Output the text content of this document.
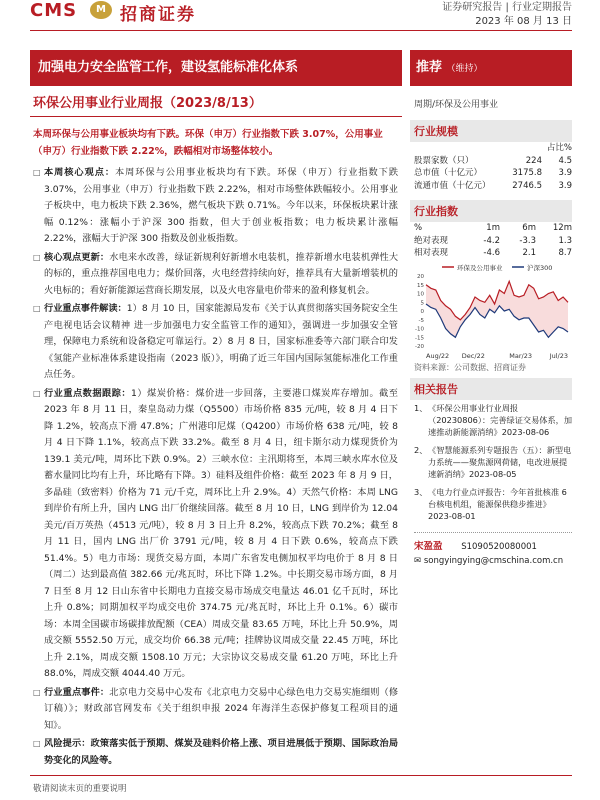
CMS	M 招商证券	证券研究报告 | 行业定期报告
2023 年 08 月 13 日
加强电力安全监管工作，建设氢能标准化体系	推荐 （维持）
环保公用事业行业周报（2023/8/13）	周期/环保及公用事业
本周环保与公用事业板块均有下跌。环保（申万）行业指数下跌 3.07%，公用事业（申万）行业指数下跌 2.22%，跌幅相对市场整体较小。

□ 本周核心观点：本周环保与公用事业板块均有下跌。环保（申万）行业指数下跌 3.07%，公用事业（申万）行业指数下跌 2.22%，相对市场整体跌幅较小。公用事业子板块中，电力板块下跌 2.36%，燃气板块下跌 0.71%。今年以来，环保板块累计涨幅 0.12%：涨幅小于沪深 300 指数，但大于创业板指数；电力板块累计涨幅 2.22%，涨幅大于沪深 300 指数及创业板指数。

□ 核心观点更新：水电来水改善，绿证新规利好新增水电装机，推荐新增水电装机弹性大的标的，重点推荐国电电力；煤价回落，火电经营持续向好，推荐具有大量新增装机的火电标的；看好新能源运营商长期发展，以及火电容量电价带来的盈利修复机会。

□ 行业重点事件解读：1）8 月 10 日，国家能源局发布《关于认真贯彻落实国务院安全生产电视电话会议精神 进一步加强电力安全监管工作的通知》，强调进一步加强安全管理，保障电力系统和设备稳定可靠运行。2）8 月 8 日，国家标准委等六部门联合印发《氢能产业标准体系建设指南（2023 版）》，明确了近三年国内国际氢能标准化工作重点任务。

□ 行业重点数据跟踪：1）煤炭价格：煤价进一步回落，主要港口煤炭库存增加。截至 2023 年 8 月 11 日，秦皇岛动力煤（Q5500）市场价格 835 元/吨，较 8 月 4 日下降 1.2%，较高点下滑 47.8%；广州港印尼煤（Q4200）市场价格 638 元/吨，较 8 月 4 日下降 1.1%，较高点下跌 33.2%。截至 8 月 4 日，纽卡斯尔动力煤现货价为 139.1 美元/吨，周环比下跌 0.9%。2）三峡水位：主汛期将至，本周三峡水库水位及蓄水量同比均有上升，环比略有下降。3）硅料及组件价格：截至 2023 年 8 月 9 日，多晶硅（致密料）价格为 71 元/千克，周环比上升 2.9%。4）天然气价格：本周 LNG 到岸价有所上升，国内 LNG 出厂价继续回落。截至 8 月 10 日，LNG 到岸价为 12.04 美元/百万英热（4513 元/吨），较 8 月 3 日上升 8.2%，较高点下跌 70.2%；截至 8 月 11 日，国内 LNG 出厂价 3791 元/吨，较 8 月 4 日下跌 0.6%，较高点下跌 51.4%。5）电力市场：现货交易方面，本周广东省发电侧加权平均电价于 8 月 8 日（周二）达到最高值 382.66 元/兆瓦时，环比下降 1.2%。中长期交易市场方面，8 月 7 日至 8 月 12 日山东省中长期电力直接交易市场成交电量达 46.01 亿千瓦时，环比上升 0.8%；同期加权平均成交电价 374.75 元/兆瓦时，环比上升 0.1%。6）碳市场：本周全国碳市场碳排放配额（CEA）周成交量 83.65 万吨，环比上升 50.9%，周成交额 5552.50 万元，成交均价 66.38 元/吨；挂牌协议周成交量 22.45 万吨，环比上升 2.1%，周成交额 1508.10 万元；大宗协议交易成交量 61.20 万吨，环比上升 88.0%，周成交额 4044.40 万元。

□ 行业重点事件：北京电力交易中心发布《北京电力交易中心绿色电力交易实施细则（修订稿）》；财政部官网发布《关于组织申报 2024 年海洋生态保护修复工程项目的通知》。

□ 风险提示：政策落实低于预期、煤炭及硅料价格上涨、项目进展低于预期、国际政治局势变化的风险等。

行业规模
占比%
股票家数（只）	224	4.5
总市值（十亿元）	3175.8	3.9
流通市值（十亿元）	2746.5	3.9
行业指数
%	1m	6m	12m
绝对表现	-4.2	-3.3	1.3
相对表现	-4.6	2.1	8.7
环保及公用事业	沪深300
20
15
10
5
0
-5
-10
-15
-20
Aug/22 Dec/22	Mar/23	Jul/23
资料来源：公司数据、招商证券
相关报告
1、 《环保公用事业行业周报（20230806）：完善绿证交易体系，加速推动新能源消纳》2023-08-06
2、 《智慧能源系列专题报告（五）：新型电力系统——聚焦源网荷储，电改进展提速新消纳》2023-08-05
3、 《电力行业点评报告：今年首批核准 6 台核电机组，能源保供稳步推进》2023-08-01
宋盈盈 S1090520080001
✉ songyingying@cmschina.com.cn
敬请阅读末页的重要说明
